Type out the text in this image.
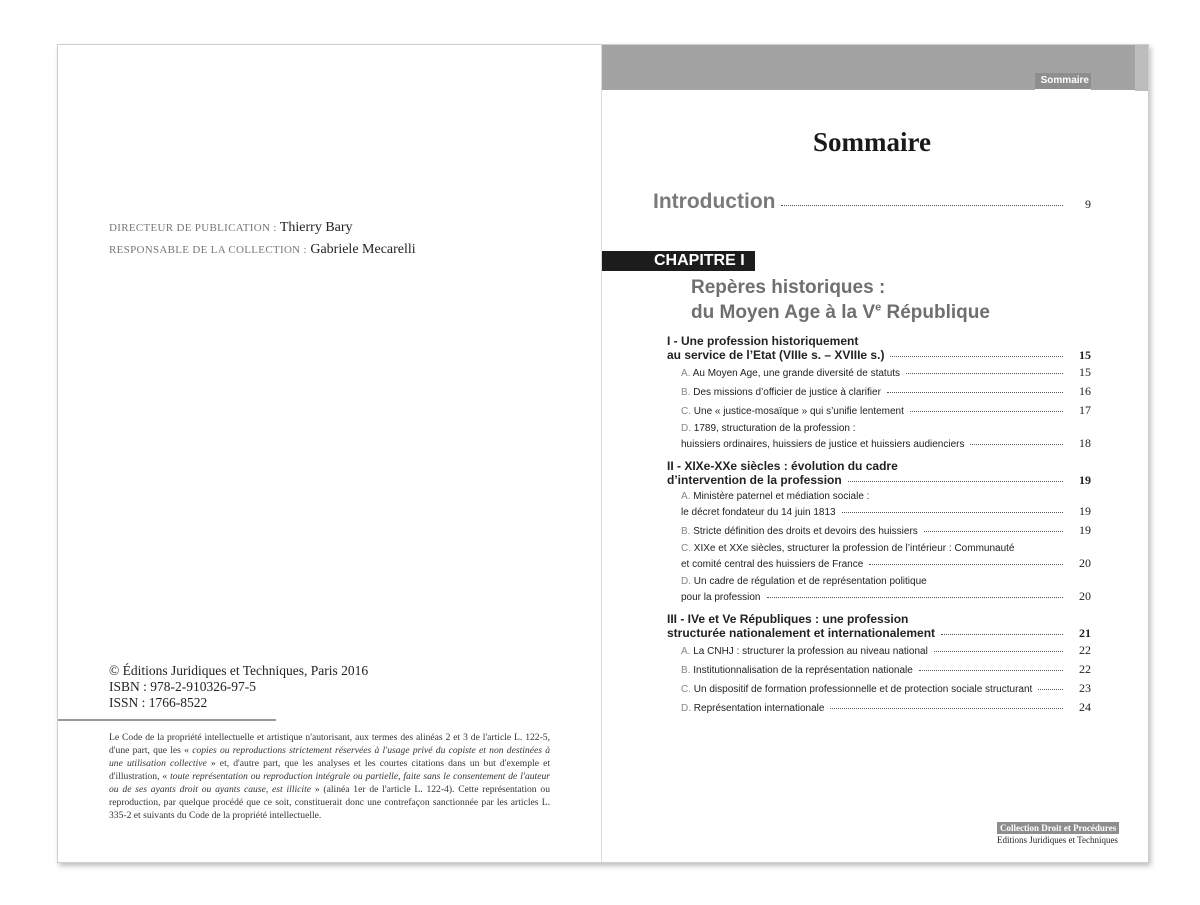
DIRECTEUR DE PUBLICATION : Thierry Bary
RESPONSABLE DE LA COLLECTION : Gabriele Mecarelli
© Éditions Juridiques et Techniques, Paris 2016
ISBN : 978-2-910326-97-5
ISSN : 1766-8522
Le Code de la propriété intellectuelle et artistique n'autorisant, aux termes des alinéas 2 et 3 de l'article L. 122-5, d'une part, que les « copies ou reproductions strictement réservées à l'usage privé du copiste et non destinées à une utilisation collective » et, d'autre part, que les analyses et les courtes citations dans un but d'exemple et d'illustration, « toute représentation ou reproduction intégrale ou partielle, faite sans le consentement de l'auteur ou de ses ayants droit ou ayants cause, est illicite » (alinéa 1er de l'article L. 122-4). Cette représentation ou reproduction, par quelque procédé que ce soit, constituerait donc une contrefaçon sanctionnée par les articles L. 335-2 et suivants du Code de la propriété intellectuelle.
Sommaire
Sommaire
Introduction	9
CHAPITRE I
Repères historiques :
du Moyen Age à la Ve République
I - Une profession historiquement
au service de l’Etat (VIIIe s. – XVIIIe s.)	15
A. Au Moyen Age, une grande diversité de statuts	15
B. Des missions d’officier de justice à clarifier	16
C. Une « justice-mosaïque » qui s’unifie lentement	17
D. 1789, structuration de la profession :
huissiers ordinaires, huissiers de justice et huissiers audienciers	18
II - XIXe-XXe siècles : évolution du cadre
d’intervention de la profession	19
A. Ministère paternel et médiation sociale :
le décret fondateur du 14 juin 1813	19
B. Stricte définition des droits et devoirs des huissiers	19
C. XIXe et XXe siècles, structurer la profession de l’intérieur : Communauté
et comité central des huissiers de France	20
D. Un cadre de régulation et de représentation politique
pour la profession	20
III - IVe et Ve Républiques : une profession
structurée nationalement et internationalement	21
A. La CNHJ : structurer la profession au niveau national	22
B. Institutionnalisation de la représentation nationale	22
C. Un dispositif de formation professionnelle et de protection sociale structurant	23
D. Représentation internationale	24
Collection Droit et Procédures
Editions Juridiques et Techniques
